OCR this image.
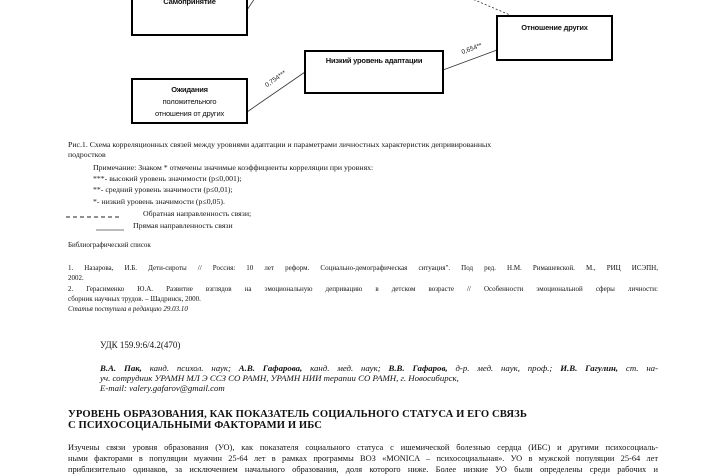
Самопринятие
Ожидания
положительного
отношения от других
Низкий уровень адаптации
Отношение других
0,754***
0,654**
Рис.1. Схема корреляционных связей между уровнями адаптации и параметрами личностных характеристик депривированных
подростков
Примечание: Знаком * отмечены значимые коэффициенты корреляции при уровнях:
***- высокий уровень значимости (р≤0,001);
**- средний уровень значимости (р≤0,01);
*- низкий уровень значимости (р≤0,05).
Обратная направленность связи;
Прямая направленность связи
Библиографический список
1. Назарова, И.Б. Дети-сироты // Россия: 10 лет реформ. Социально-демографическая ситуация". Под ред. Н.М. Римашевской. М., РИЦ ИСЭПН,
2002.
2. Герасименко Ю.А. Развитие взглядов на эмоциональную депривацию в детском возрасте // Особенности эмоциональной сферы личности:
сборник научных трудов. – Шадринск, 2000.
Статья поступила в редакцию 29.03.10
УДК 159.9:6/4.2(470)
В.А. Пак, канд. психол. наук; А.В. Гафарова, канд. мед. наук; В.В. Гафаров, д-р. мед. наук, проф.; И.В. Гагулин, ст. на-
уч. сотрудник УРАМН МЛ Э ССЗ СО РАМН, УРАМН НИИ терапии СО РАМН, г. Новосибирск,
E-mail: valery.gafarov@gmail.com
УРОВЕНЬ ОБРАЗОВАНИЯ, КАК ПОКАЗАТЕЛЬ СОЦИАЛЬНОГО СТАТУСА И ЕГО СВЯЗЬ
С ПСИХОСОЦИАЛЬНЫМИ ФАКТОРАМИ И ИБС
Изучены связи уровня образования (УО), как показателя социального статуса с ишемической болезнью сердца (ИБС) и другими психосоциаль-
ными факторами в популяции мужчин 25-64 лет в рамках программы ВОЗ «MONICA – психосоциальная». УО в мужской популяции 25-64 лет
приблизительно одинаков, за исключением начального образования, доля которого ниже. Более низкие УО были определены среди рабочих и
